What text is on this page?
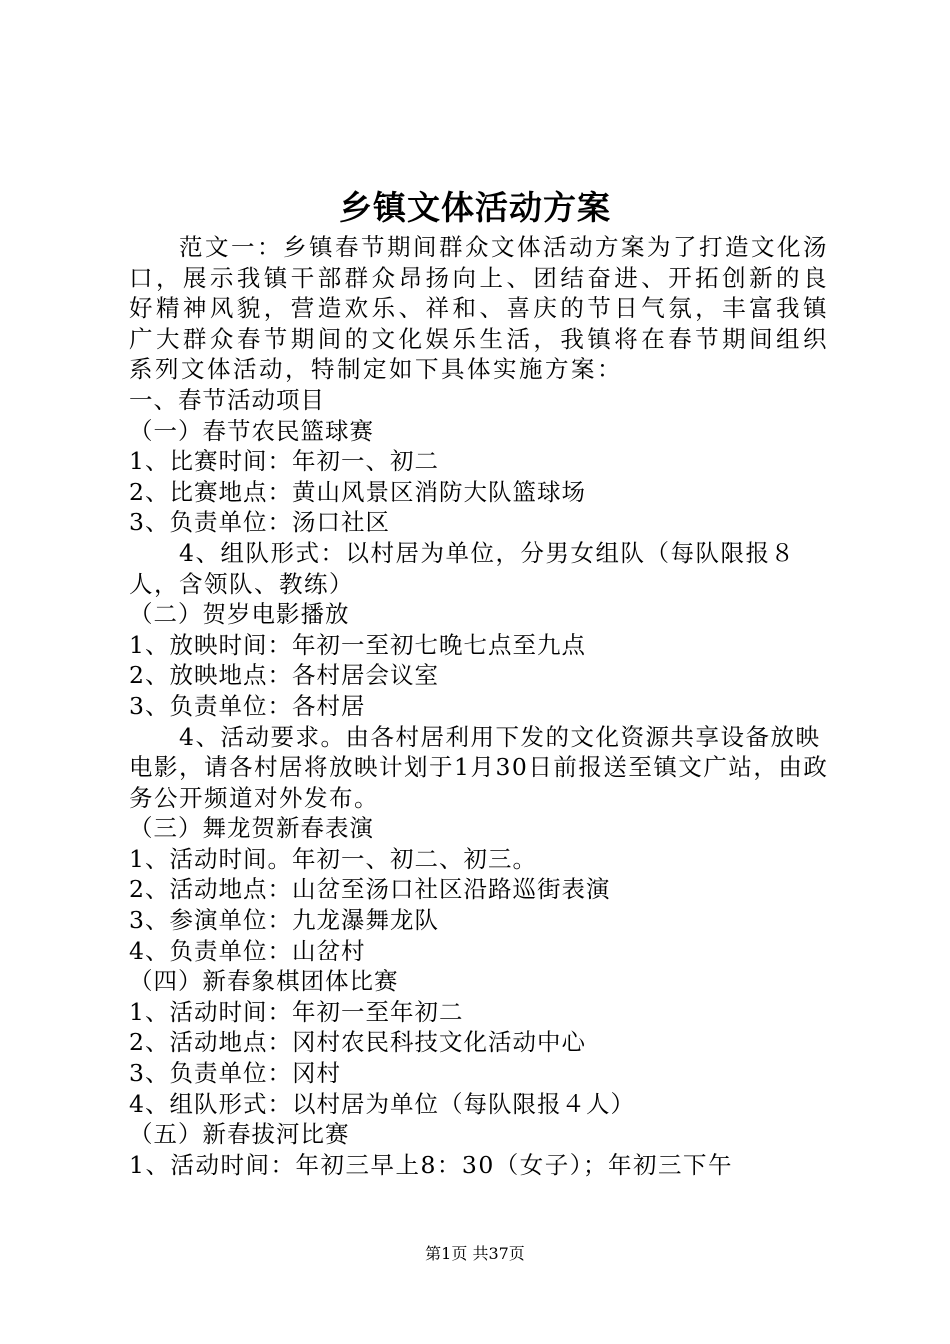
乡镇文体活动方案

范文一：乡镇春节期间群众文体活动方案为了打造文化汤口，展示我镇干部群众昂扬向上、团结奋进、开拓创新的良好精神风貌，营造欢乐、祥和、喜庆的节日气氛，丰富我镇广大群众春节期间的文化娱乐生活，我镇将在春节期间组织系列文体活动，特制定如下具体实施方案：

一、春节活动项目

（一）春节农民篮球赛

1、比赛时间：年初一、初二

2、比赛地点：黄山风景区消防大队篮球场

3、负责单位：汤口社区

4、组队形式：以村居为单位，分男女组队（每队限报８人，含领队、教练）

（二）贺岁电影播放

1、放映时间：年初一至初七晚七点至九点

2、放映地点：各村居会议室

3、负责单位：各村居

4、活动要求。由各村居利用下发的文化资源共享设备放映电影，请各村居将放映计划于1月30日前报送至镇文广站，由政务公开频道对外发布。

（三）舞龙贺新春表演

1、活动时间。年初一、初二、初三。

2、活动地点：山岔至汤口社区沿路巡街表演

3、参演单位：九龙瀑舞龙队

4、负责单位：山岔村

（四）新春象棋团体比赛

1、活动时间：年初一至年初二

2、活动地点：冈村农民科技文化活动中心

3、负责单位：冈村

4、组队形式：以村居为单位（每队限报４人）

（五）新春拔河比赛

1、活动时间：年初三早上8：30（女子）；年初三下午

第1页 共37页
